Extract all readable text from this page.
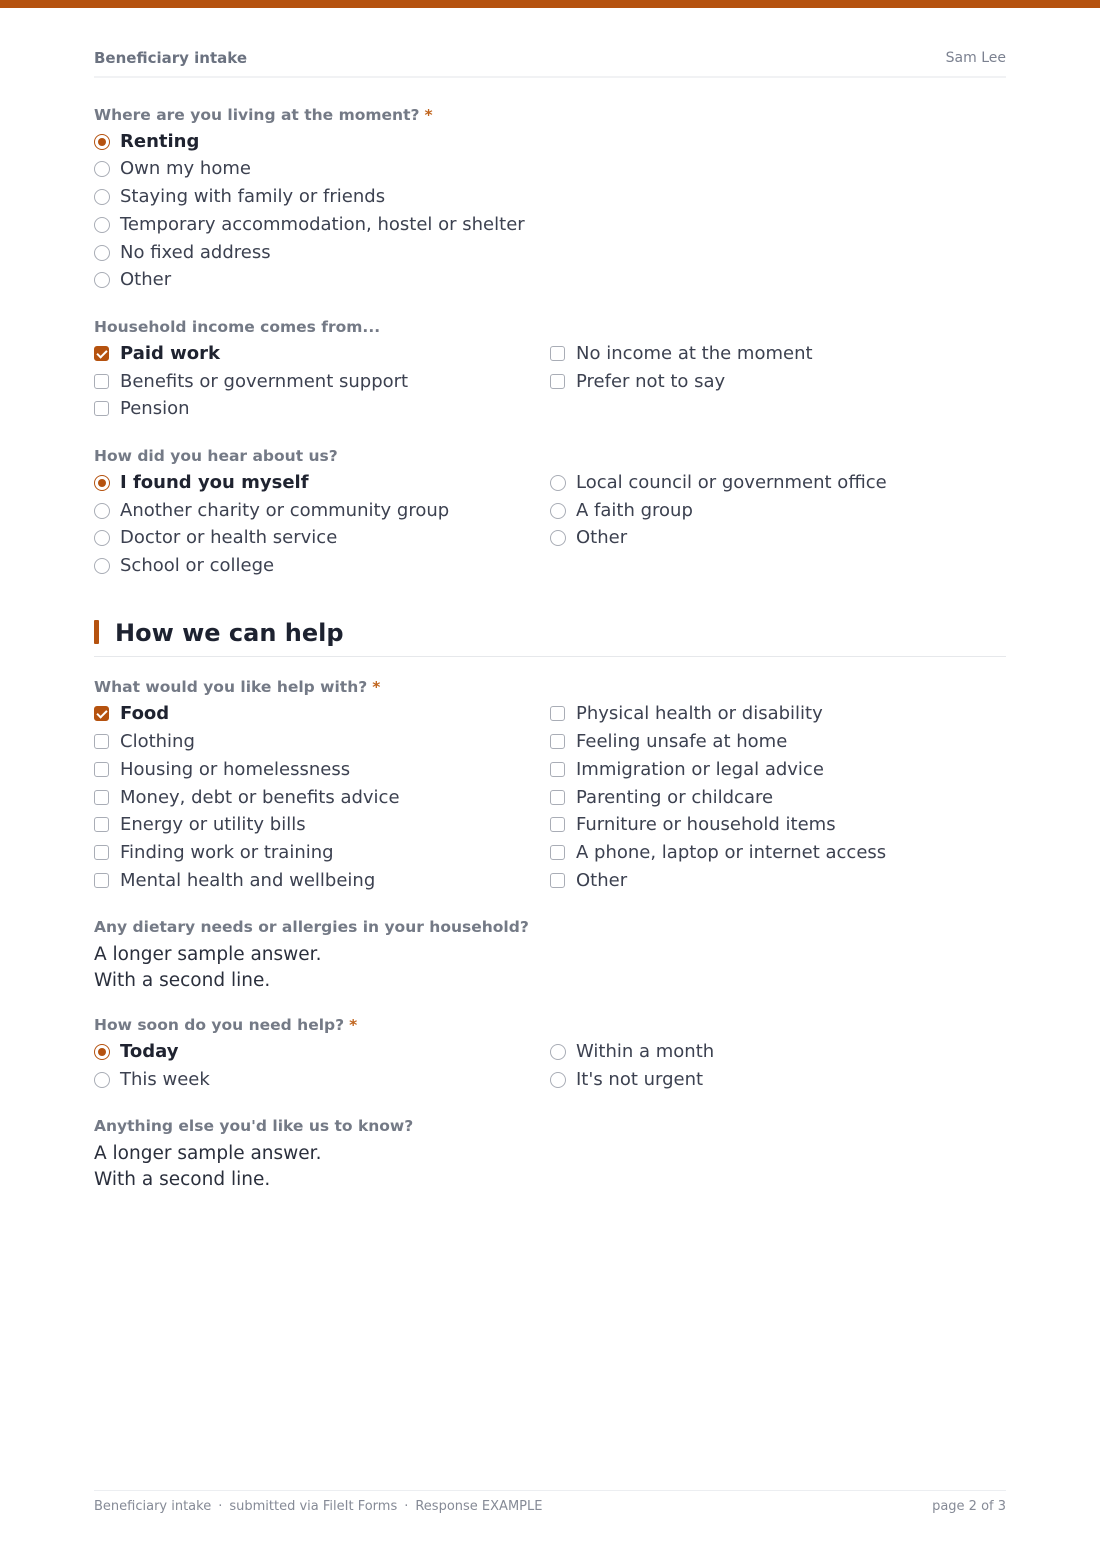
Beneficiary intake	Sam Lee
Where are you living at the moment? *
Renting
Own my home
Staying with family or friends
Temporary accommodation, hostel or shelter
No fixed address
Other
Household income comes from...
Paid work
Benefits or government support
Pension
No income at the moment
Prefer not to say
How did you hear about us?
I found you myself
Another charity or community group
Doctor or health service
School or college
Local council or government office
A faith group
Other
How we can help
What would you like help with? *
Food
Clothing
Housing or homelessness
Money, debt or benefits advice
Energy or utility bills
Finding work or training
Mental health and wellbeing
Physical health or disability
Feeling unsafe at home
Immigration or legal advice
Parenting or childcare
Furniture or household items
A phone, laptop or internet access
Other
Any dietary needs or allergies in your household?
A longer sample answer.
With a second line.
How soon do you need help? *
Today
This week
Within a month
It's not urgent
Anything else you'd like us to know?
A longer sample answer.
With a second line.
Beneficiary intake · submitted via FileIt Forms · Response EXAMPLE	page 2 of 3
